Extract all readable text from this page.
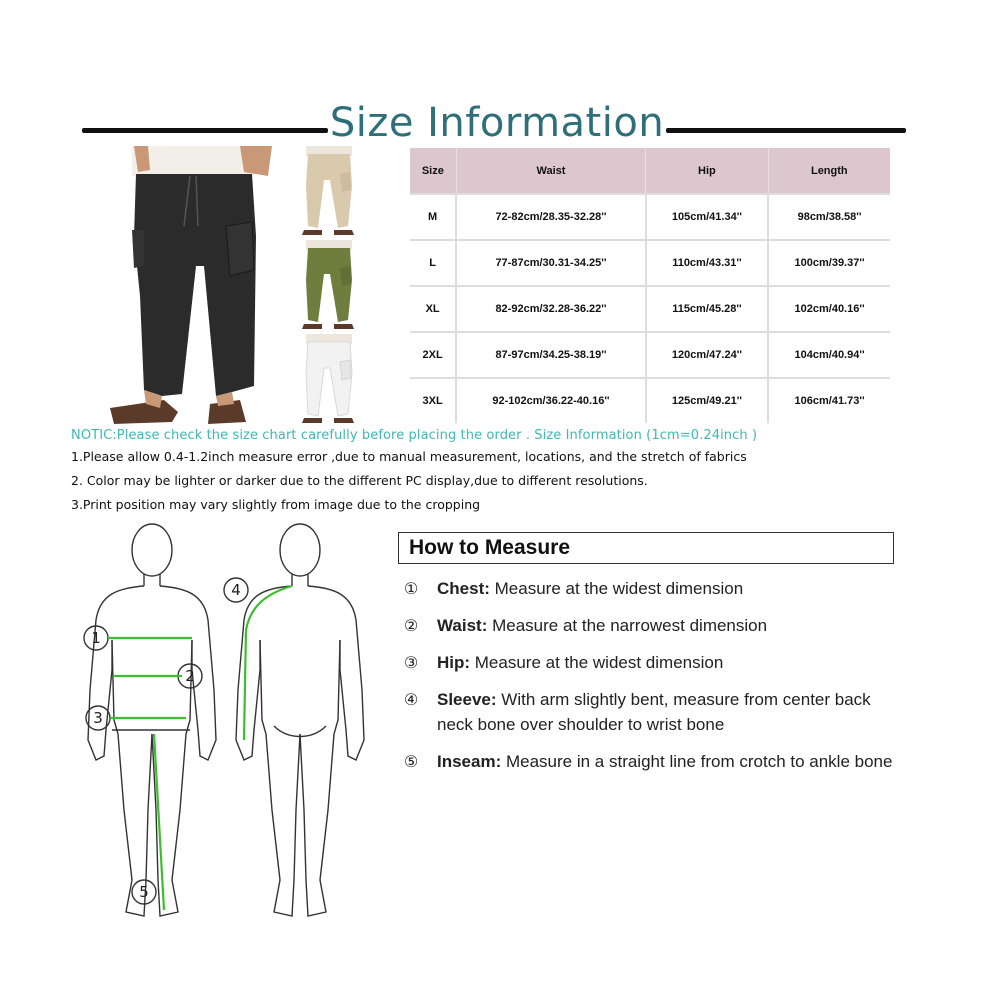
Size Information
Size	Waist	Hip	Length
M	72-82cm/28.35-32.28''	105cm/41.34''	98cm/38.58''
L	77-87cm/30.31-34.25''	110cm/43.31''	100cm/39.37''
XL	82-92cm/32.28-36.22''	115cm/45.28''	102cm/40.16''
2XL	87-97cm/34.25-38.19''	120cm/47.24''	104cm/40.94''
3XL	92-102cm/36.22-40.16''	125cm/49.21''	106cm/41.73''
NOTIC:Please check the size chart carefully before placing the order . Size Information (1cm=0.24inch )
1.Please allow 0.4-1.2inch measure error ,due to manual measurement, locations, and the stretch of fabrics
2. Color may be lighter or darker due to the different PC display,due to different resolutions.
3.Print position may vary slightly from image due to the cropping
1
2
3
4
5
How to Measure
① Chest: Measure at the widest dimension
② Waist: Measure at the narrowest dimension
③ Hip: Measure at the widest dimension
④ Sleeve: With arm slightly bent, measure from center back neck bone over shoulder to wrist bone
⑤ Inseam: Measure in a straight line from crotch to ankle bone
